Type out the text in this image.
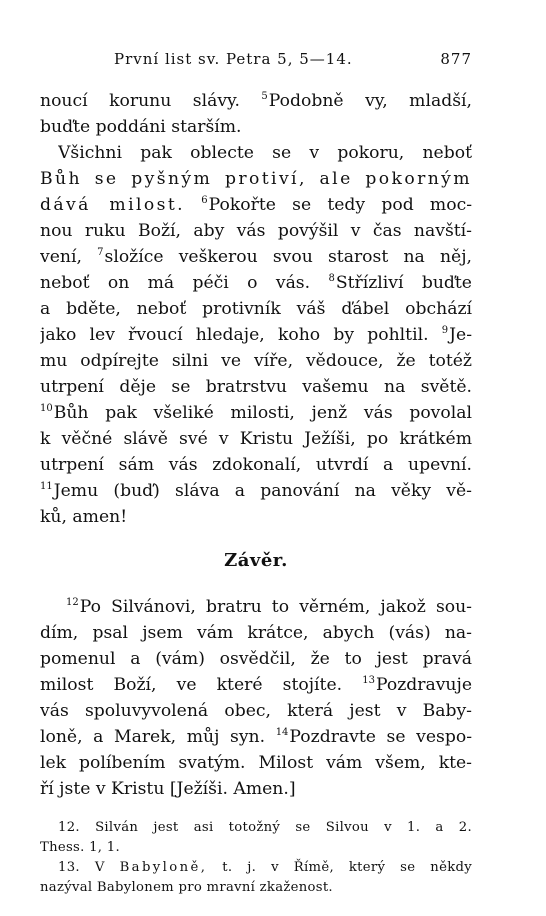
První list sv. Petra 5, 5—14.	877
noucí korunu slávy. $^5$Podobně vy, mladší,
buďte poddáni starším.
Všichni pak oblecte se v pokoru, neboť
Bůh se pyšným protiví, ale pokorným
dává milost. $^6$Pokořte se tedy pod moc-
nou ruku Boží, aby vás povýšil v čas navští-
vení, $^7$složíce veškerou svou starost na něj,
neboť on má péči o vás. $^8$Střízliví buďte
a bděte, neboť protivník váš ďábel obchází
jako lev řvoucí hledaje, koho by pohltil. $^9$Je-
mu odpírejte silni ve víře, vědouce, že totéž
utrpení děje se bratrstvu vašemu na světě.
$^{10}$Bůh pak všeliké milosti, jenž vás povolal
k věčné slávě své v Kristu Ježíši, po krátkém
utrpení sám vás zdokonalí, utvrdí a upevní.
$^{11}$Jemu (buď) sláva a panování na věky vě-
ků, amen!
Závěr.
$^{12}$Po Silvánovi, bratru to věrném, jakož sou-
dím, psal jsem vám krátce, abych (vás) na-
pomenul a (vám) osvědčil, že to jest pravá
milost Boží, ve které stojíte. $^{13}$Pozdravuje
vás spoluvyvolená obec, která jest v Baby-
loně, a Marek, můj syn. $^{14}$Pozdravte se vespo-
lek políbením svatým. Milost vám všem, kte-
ří jste v Kristu [Ježíši. Amen.]
12. Silván jest asi totožný se Silvou v 1. a 2.
Thess. 1, 1.
13. V Babyloně, t. j. v Římě, který se někdy
nazýval Babylonem pro mravní zkaženost.
